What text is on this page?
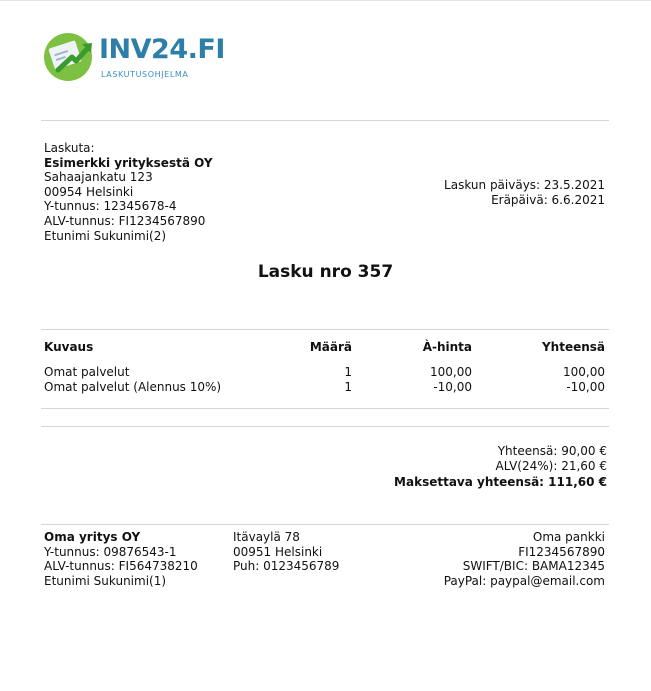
INV24.FI
LASKUTUSOHJELMA
Laskuta:
Esimerkki yrityksestä OY
Sahaajankatu 123
00954 Helsinki
Y-tunnus: 12345678-4
ALV-tunnus: FI1234567890
Etunimi Sukunimi(2)
Laskun päiväys: 23.5.2021
Eräpäivä: 6.6.2021
Lasku nro 357
Kuvaus	Määrä	À-hinta	Yhteensä
Omat palvelut	1	100,00	100,00
Omat palvelut (Alennus 10%)	1	-10,00	-10,00
Yhteensä: 90,00 €
ALV(24%): 21,60 €
Maksettava yhteensä: 111,60 €
Oma yritys OY
Y-tunnus: 09876543-1
ALV-tunnus: FI564738210
Etunimi Sukunimi(1)
Itävaylä 78
00951 Helsinki
Puh: 0123456789
Oma pankki
FI1234567890
SWIFT/BIC: BAMA12345
PayPal: paypal@email.com
